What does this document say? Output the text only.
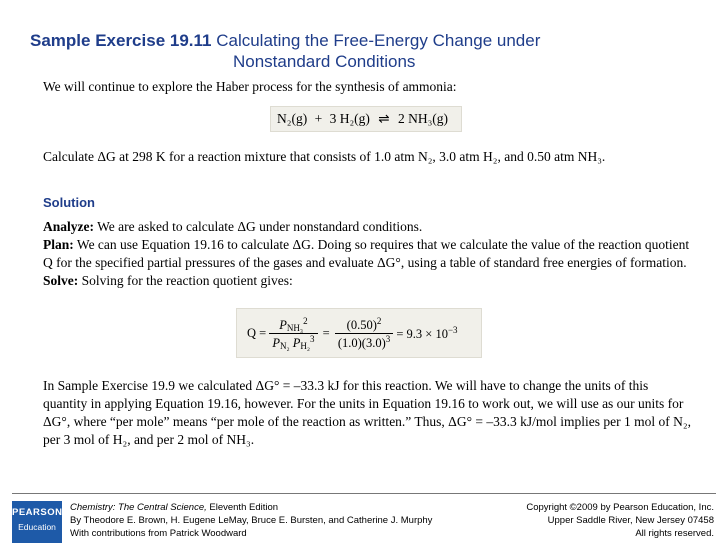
Sample Exercise 19.11 Calculating the Free-Energy Change under
Nonstandard Conditions
We will continue to explore the Haber process for the synthesis of ammonia:
N₂(g) + 3 H₂(g) ⇌ 2 NH₃(g)
Calculate ΔG at 298 K for a reaction mixture that consists of 1.0 atm N₂, 3.0 atm H₂, and 0.50 atm NH₃.
Solution
Analyze: We are asked to calculate ΔG under nonstandard conditions.
Plan: We can use Equation 19.16 to calculate ΔG. Doing so requires that we calculate the value of the reaction quotient Q for the specified partial pressures of the gases and evaluate ΔG°, using a table of standard free energies of formation.
Solve: Solving for the reaction quotient gives:
$Q = \frac{P_{NH_3}^2}{P_{N_2} P_{H_2}^3} = \frac{(0.50)^2}{(1.0)(3.0)^3} = 9.3 \times 10^{-3}$
In Sample Exercise 19.9 we calculated ΔG° = –33.3 kJ for this reaction. We will have to change the units of this quantity in applying Equation 19.16, however. For the units in Equation 19.16 to work out, we will use as our units for ΔG°, where “per mole” means “per mole of the reaction as written.” Thus, ΔG° = –33.3 kJ/mol implies per 1 mol of N₂, per 3 mol of H₂, and per 2 mol of NH₃.
PEARSON
Education
Chemistry: The Central Science, Eleventh Edition
By Theodore E. Brown, H. Eugene LeMay, Bruce E. Bursten, and Catherine J. Murphy
With contributions from Patrick Woodward
Copyright ©2009 by Pearson Education, Inc.
Upper Saddle River, New Jersey 07458
All rights reserved.
